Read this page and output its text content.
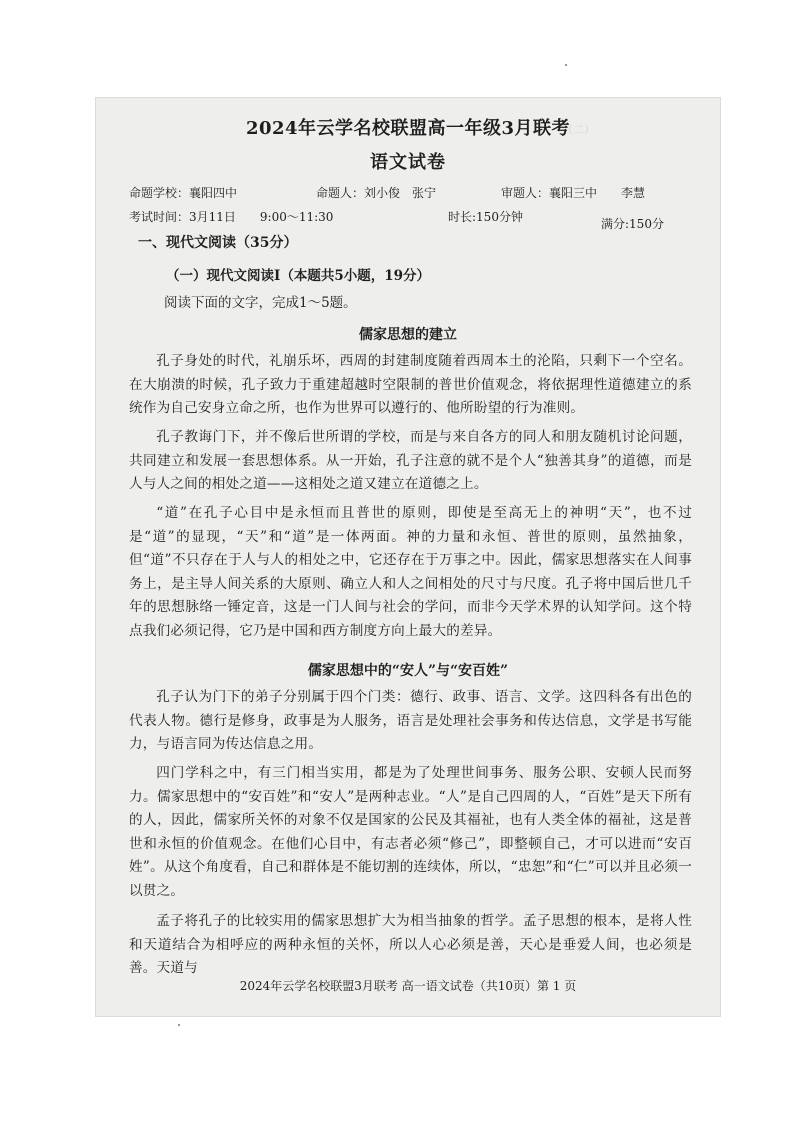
（二）　　　　　　　　　　　

2024年云学名校联盟高一年级3月联考
语文试卷
命题学校：襄阳四中	命题人：刘小俊　张宁	审题人：襄阳三中　　李慧
考试时间：3月11日　　9:00～11:30	时长:150分钟	满分:150分
一、现代文阅读（35分）
（一）现代文阅读Ⅰ（本题共5小题，19分）
阅读下面的文字，完成1～5题。
儒家思想的建立
孔子身处的时代，礼崩乐坏，西周的封建制度随着西周本土的沦陷，只剩下一个空名。在大崩溃的时候，孔子致力于重建超越时空限制的普世价值观念，将依据理性道德建立的系统作为自己安身立命之所，也作为世界可以遵行的、他所盼望的行为准则。
孔子教诲门下，并不像后世所谓的学校，而是与来自各方的同人和朋友随机讨论问题，共同建立和发展一套思想体系。从一开始，孔子注意的就不是个人“独善其身”的道德，而是人与人之间的相处之道——这相处之道又建立在道德之上。
“道”在孔子心目中是永恒而且普世的原则，即使是至高无上的神明“天”，也不过是“道”的显现，“天”和“道”是一体两面。神的力量和永恒、普世的原则，虽然抽象，但“道”不只存在于人与人的相处之中，它还存在于万事之中。因此，儒家思想落实在人间事务上，是主导人间关系的大原则、确立人和人之间相处的尺寸与尺度。孔子将中国后世几千年的思想脉络一锤定音，这是一门人间与社会的学问，而非今天学术界的认知学问。这个特点我们必须记得，它乃是中国和西方制度方向上最大的差异。
儒家思想中的“安人”与“安百姓”
孔子认为门下的弟子分别属于四个门类：德行、政事、语言、文学。这四科各有出色的代表人物。德行是修身，政事是为人服务，语言是处理社会事务和传达信息，文学是书写能力，与语言同为传达信息之用。
四门学科之中，有三门相当实用，都是为了处理世间事务、服务公职、安顿人民而努力。儒家思想中的“安百姓”和“安人”是两种志业。“人”是自己四周的人，“百姓”是天下所有的人，因此，儒家所关怀的对象不仅是国家的公民及其福祉，也有人类全体的福祉，这是普世和永恒的价值观念。在他们心目中，有志者必须“修己”，即整顿自己，才可以进而“安百姓”。从这个角度看，自己和群体是不能切割的连续体，所以，“忠恕”和“仁”可以并且必须一以贯之。
孟子将孔子的比较实用的儒家思想扩大为相当抽象的哲学。孟子思想的根本，是将人性和天道结合为相呼应的两种永恒的关怀，所以人心必须是善，天心是垂爱人间，也必须是善。天道与
2024年云学名校联盟3月联考 高一语文试卷（共10页）第 1 页
